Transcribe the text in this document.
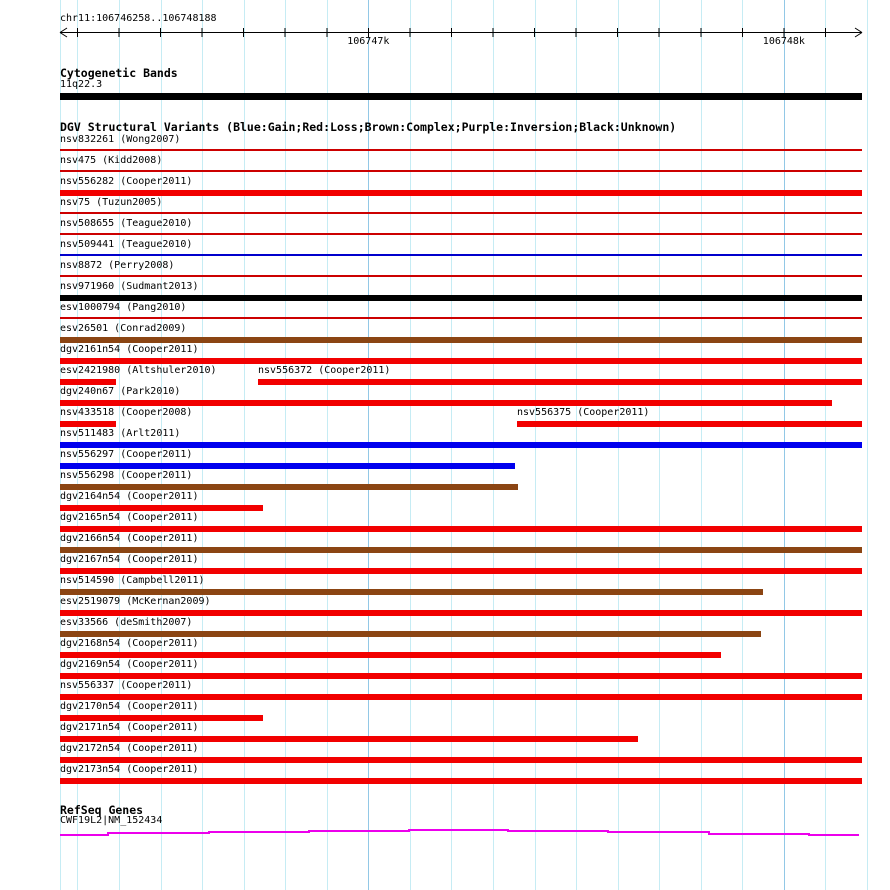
chr11:106746258..106748188
106747k	106748k
Cytogenetic Bands
11q22.3
DGV Structural Variants (Blue:Gain;Red:Loss;Brown:Complex;Purple:Inversion;Black:Unknown)
nsv832261 (Wong2007)
nsv475 (Kidd2008)
nsv556282 (Cooper2011)
nsv75 (Tuzun2005)
nsv508655 (Teague2010)
nsv509441 (Teague2010)
nsv8872 (Perry2008)
nsv971960 (Sudmant2013)
esv1000794 (Pang2010)
esv26501 (Conrad2009)
dgv2161n54 (Cooper2011)
esv2421980 (Altshuler2010)	nsv556372 (Cooper2011)
dgv240n67 (Park2010)
nsv433518 (Cooper2008)	nsv556375 (Cooper2011)
nsv511483 (Arlt2011)
nsv556297 (Cooper2011)
nsv556298 (Cooper2011)
dgv2164n54 (Cooper2011)
dgv2165n54 (Cooper2011)
dgv2166n54 (Cooper2011)
dgv2167n54 (Cooper2011)
nsv514590 (Campbell2011)
esv2519079 (McKernan2009)
esv33566 (deSmith2007)
dgv2168n54 (Cooper2011)
dgv2169n54 (Cooper2011)
nsv556337 (Cooper2011)
dgv2170n54 (Cooper2011)
dgv2171n54 (Cooper2011)
dgv2172n54 (Cooper2011)
dgv2173n54 (Cooper2011)
RefSeq Genes
CWF19L2|NM_152434
